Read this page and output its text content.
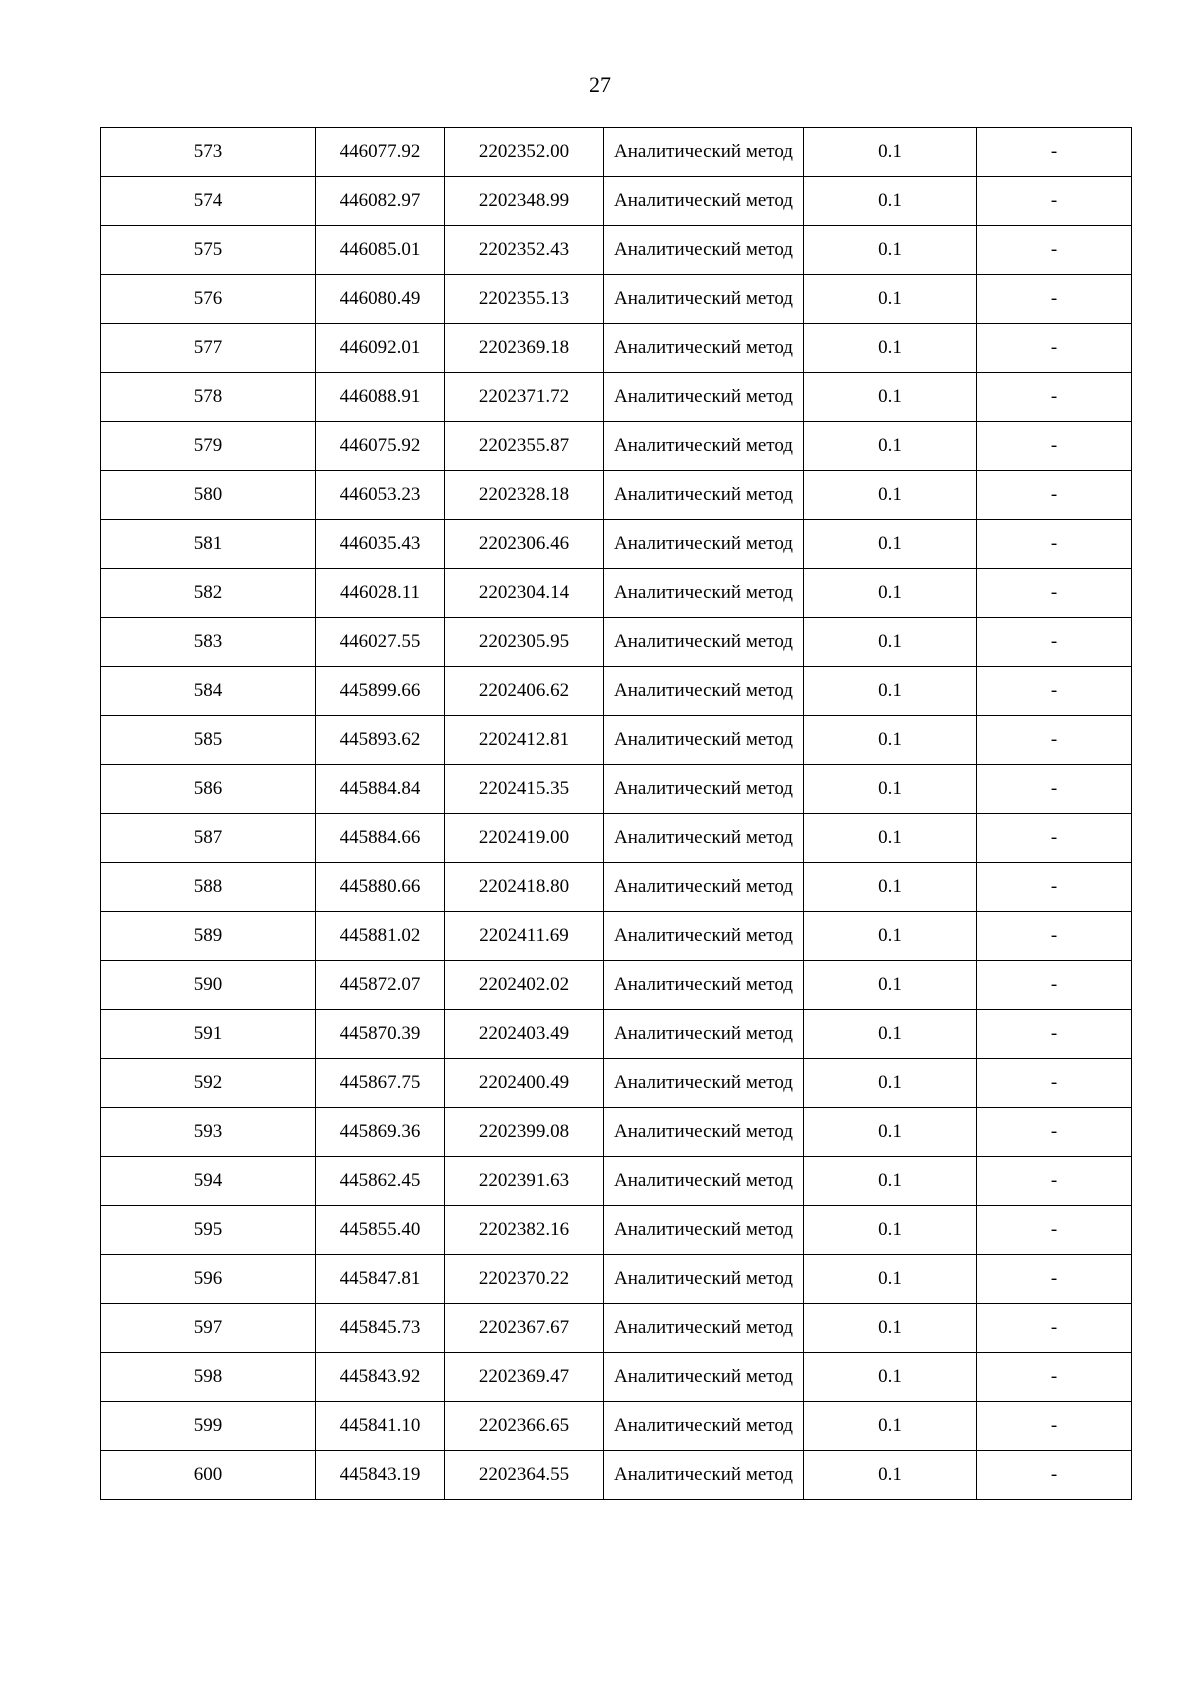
27
573	446077.92	2202352.00	Аналитический метод	0.1	-
574	446082.97	2202348.99	Аналитический метод	0.1	-
575	446085.01	2202352.43	Аналитический метод	0.1	-
576	446080.49	2202355.13	Аналитический метод	0.1	-
577	446092.01	2202369.18	Аналитический метод	0.1	-
578	446088.91	2202371.72	Аналитический метод	0.1	-
579	446075.92	2202355.87	Аналитический метод	0.1	-
580	446053.23	2202328.18	Аналитический метод	0.1	-
581	446035.43	2202306.46	Аналитический метод	0.1	-
582	446028.11	2202304.14	Аналитический метод	0.1	-
583	446027.55	2202305.95	Аналитический метод	0.1	-
584	445899.66	2202406.62	Аналитический метод	0.1	-
585	445893.62	2202412.81	Аналитический метод	0.1	-
586	445884.84	2202415.35	Аналитический метод	0.1	-
587	445884.66	2202419.00	Аналитический метод	0.1	-
588	445880.66	2202418.80	Аналитический метод	0.1	-
589	445881.02	2202411.69	Аналитический метод	0.1	-
590	445872.07	2202402.02	Аналитический метод	0.1	-
591	445870.39	2202403.49	Аналитический метод	0.1	-
592	445867.75	2202400.49	Аналитический метод	0.1	-
593	445869.36	2202399.08	Аналитический метод	0.1	-
594	445862.45	2202391.63	Аналитический метод	0.1	-
595	445855.40	2202382.16	Аналитический метод	0.1	-
596	445847.81	2202370.22	Аналитический метод	0.1	-
597	445845.73	2202367.67	Аналитический метод	0.1	-
598	445843.92	2202369.47	Аналитический метод	0.1	-
599	445841.10	2202366.65	Аналитический метод	0.1	-
600	445843.19	2202364.55	Аналитический метод	0.1	-
